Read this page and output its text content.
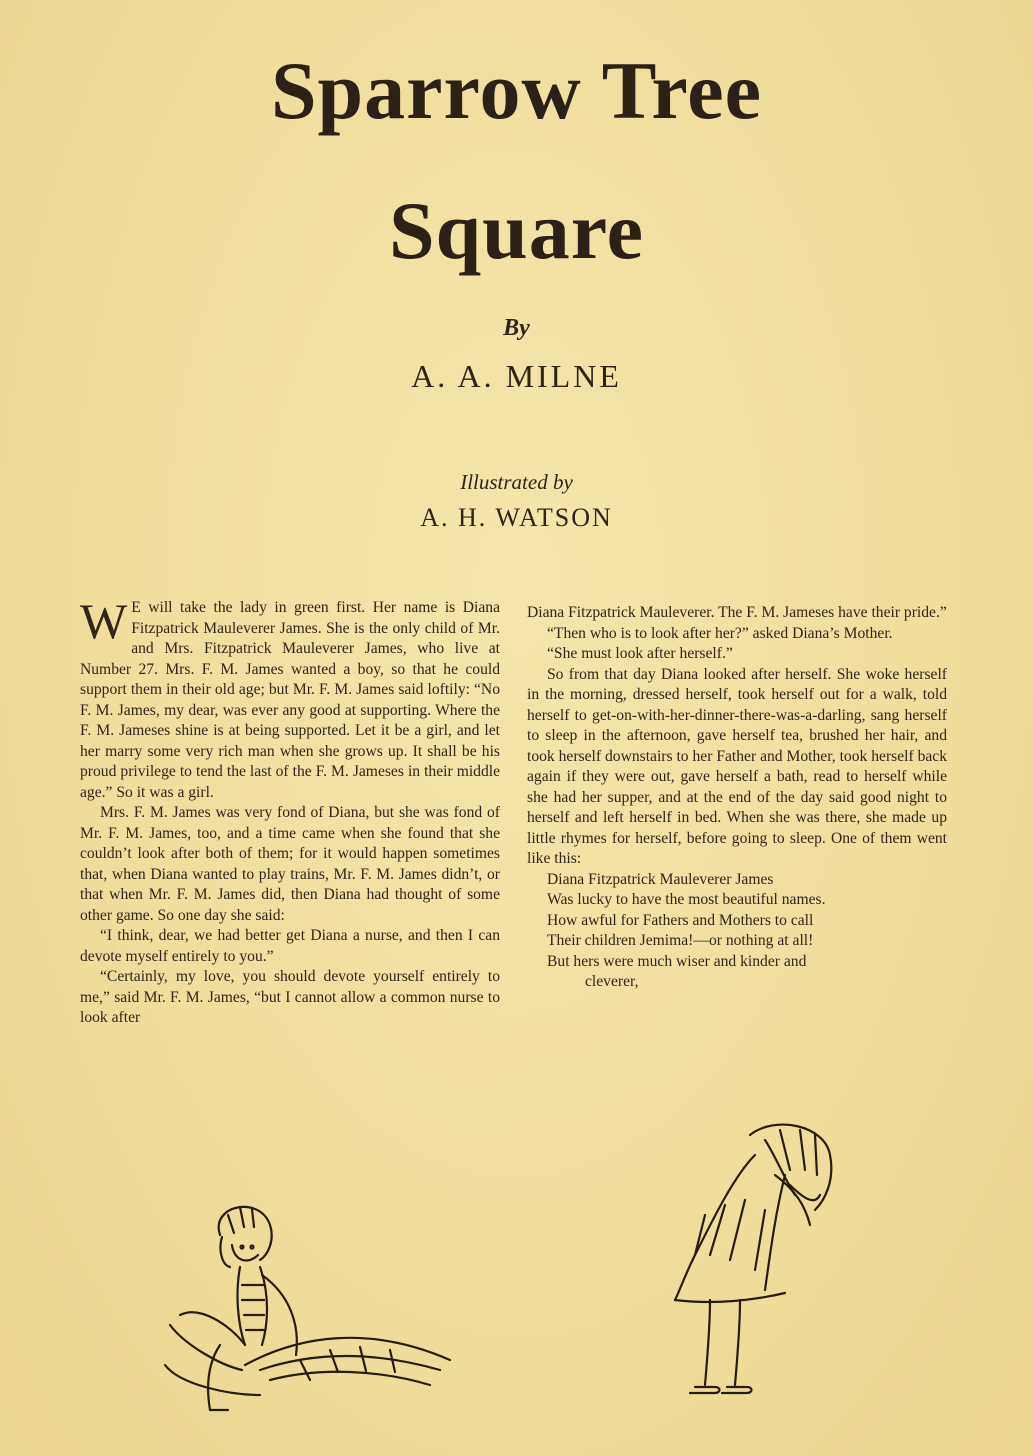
Sparrow Tree
Square
By
A. A. MILNE
Illustrated by
A. H. WATSON

WE will take the lady in green first. Her name is Diana Fitzpatrick Mauleverer James. She is the only child of Mr. and Mrs. Fitzpatrick Mauleverer James, who live at Number 27. Mrs. F. M. James wanted a boy, so that he could support them in their old age; but Mr. F. M. James said loftily: “No F. M. James, my dear, was ever any good at supporting. Where the F. M. Jameses shine is at being supported. Let it be a girl, and let her marry some very rich man when she grows up. It shall be his proud privilege to tend the last of the F. M. Jameses in their middle age.” So it was a girl.

Mrs. F. M. James was very fond of Diana, but she was fond of Mr. F. M. James, too, and a time came when she found that she couldn’t look after both of them; for it would happen sometimes that, when Diana wanted to play trains, Mr. F. M. James didn’t, or that when Mr. F. M. James did, then Diana had thought of some other game. So one day she said:

“I think, dear, we had better get Diana a nurse, and then I can devote myself entirely to you.”

“Certainly, my love, you should devote yourself entirely to me,” said Mr. F. M. James, “but I cannot allow a common nurse to look after

Diana Fitzpatrick Mauleverer. The F. M. Jameses have their pride.”

“Then who is to look after her?” asked Diana’s Mother.

“She must look after herself.”

So from that day Diana looked after herself. She woke herself in the morning, dressed herself, took herself out for a walk, told herself to get-on-with-her-dinner-there-was-a-darling, sang herself to sleep in the afternoon, gave herself tea, brushed her hair, and took herself downstairs to her Father and Mother, took herself back again if they were out, gave herself a bath, read to herself while she had her supper, and at the end of the day said good night to herself and left herself in bed. When she was there, she made up little rhymes for herself, before going to sleep. One of them went like this:

Diana Fitzpatrick Mauleverer James
Was lucky to have the most beautiful names.
How awful for Fathers and Mothers to call
Their children Jemima!—or nothing at all!
But hers were much wiser and kinder and
cleverer,
